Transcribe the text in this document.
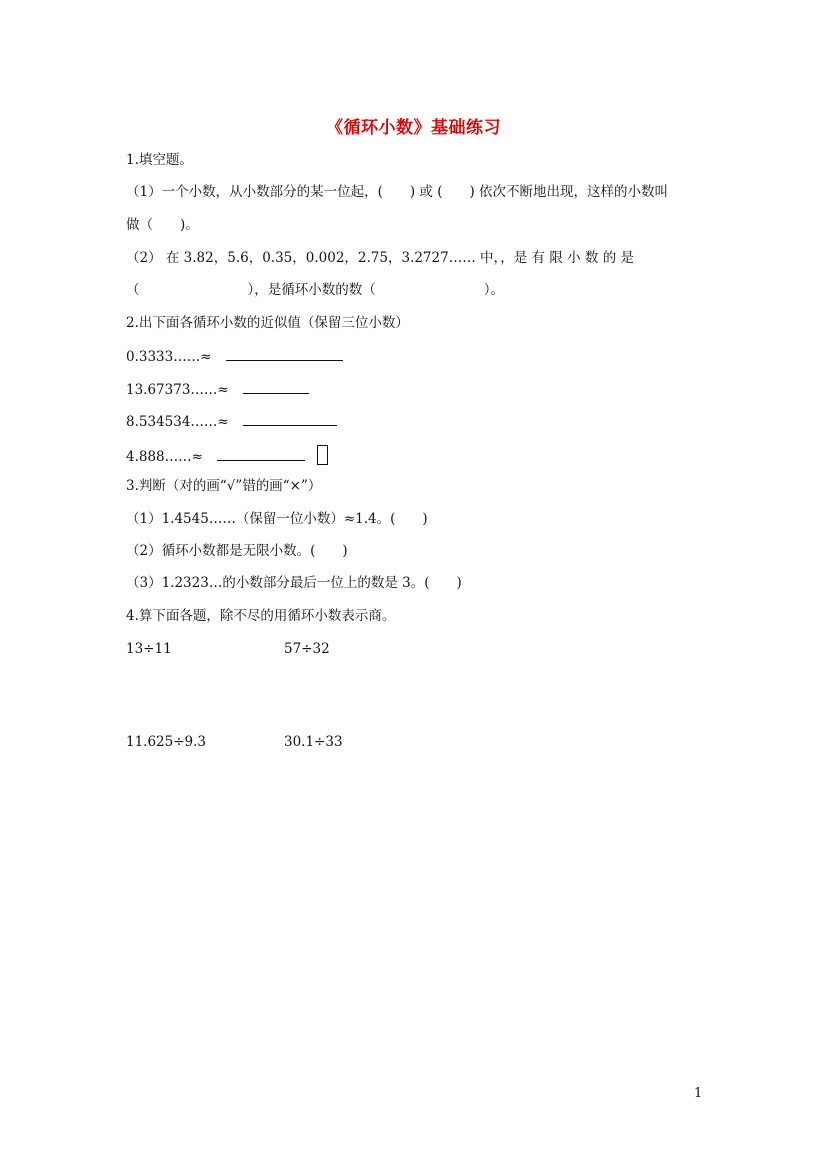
《循环小数》基础练习
1.填空题。
（1）一个小数，从小数部分的某一位起，(　　) 或 (　　) 依次不断地出现，这样的小数叫
做（　　)。
（2） 在 3.82，5.6，0.35，0.002，2.75，3.2727…… 中，，是 有 限 小 数 的 是
（　　　　　　　　），是循环小数的数（　　　　　　　　）。
2.出下面各循环小数的近似值（保留三位小数）
0.3333……≈
13.67373……≈
8.534534……≈
4.888……≈
3.判断（对的画“√”错的画“×”）
（1）1.4545……（保留一位小数）≈1.4。(　　)
（2）循环小数都是无限小数。(　　)
（3）1.2323…的小数部分最后一位上的数是 3。(　　)
4.算下面各题，除不尽的用循环小数表示商。
13÷11	57÷32
11.625÷9.3	30.1÷33
1
